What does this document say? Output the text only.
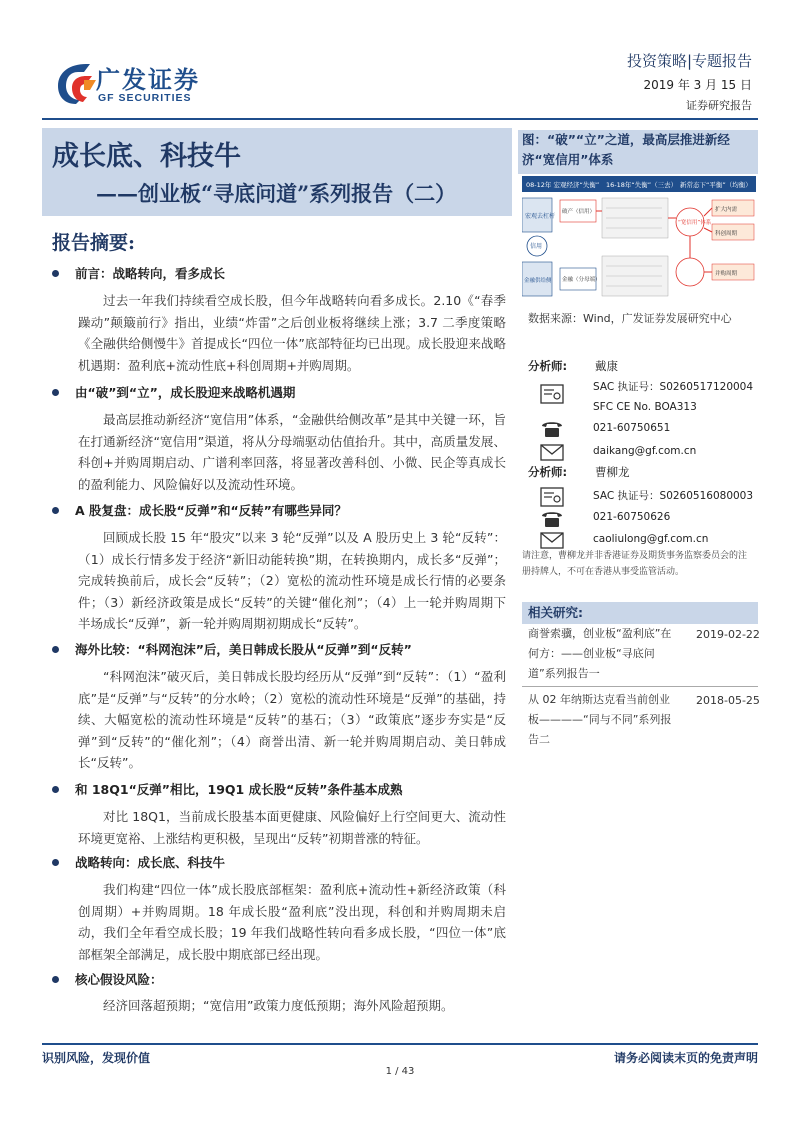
广发证券
GF SECURITIES
投资策略|专题报告
2019 年 3 月 15 日
证券研究报告
成长底、科技牛
——创业板“寻底问道”系列报告（二）
报告摘要:
前言：战略转向，看多成长
过去一年我们持续看空成长股，但今年战略转向看多成长。2.10《“春季躁动”颠簸前行》指出，业绩“炸雷”之后创业板将继续上涨；3.7 二季度策略《全融供给侧慢牛》首提成长“四位一体”底部特征均已出现。成长股迎来战略机遇期：盈利底+流动性底+科创周期+并购周期。
由“破”到“立”，成长股迎来战略机遇期
最高层推动新经济“宽信用”体系，“金融供给侧改革”是其中关键一环，旨在打通新经济“宽信用”渠道，将从分母端驱动估值抬升。其中，高质量发展、科创+并购周期启动、广谱利率回落，将显著改善科创、小微、民企等真成长的盈利能力、风险偏好以及流动性环境。
A 股复盘：成长股“反弹”和“反转”有哪些异同？
回顾成长股 15 年“股灾”以来 3 轮“反弹”以及 A 股历史上 3 轮“反转”：（1）成长行情多发于经济“新旧动能转换”期，在转换期内，成长多“反弹”；完成转换前后，成长会“反转”；（2）宽松的流动性环境是成长行情的必要条件；（3）新经济政策是成长“反转”的关键“催化剂”；（4）上一轮并购周期下半场成长“反弹”，新一轮并购周期初期成长“反转”。
海外比较：“科网泡沫”后，美日韩成长股从“反弹”到“反转”
“科网泡沫”破灭后，美日韩成长股均经历从“反弹”到“反转”：（1）“盈利底”是“反弹”与“反转”的分水岭；（2）宽松的流动性环境是“反弹”的基础，持续、大幅宽松的流动性环境是“反转”的基石；（3）“政策底”逐步夯实是“反弹”到“反转”的“催化剂”；（4）商誉出清、新一轮并购周期启动、美日韩成长“反转”。
和 18Q1“反弹”相比，19Q1 成长股“反转”条件基本成熟
对比 18Q1，当前成长股基本面更健康、风险偏好上行空间更大、流动性环境更宽裕、上涨结构更积极，呈现出“反转”初期普涨的特征。
战略转向：成长底、科技牛
我们构建“四位一体”成长股底部框架：盈利底+流动性+新经济政策（科创周期）+并购周期。18 年成长股“盈利底”没出现，科创和并购周期未启动，我们全年看空成长股；19 年我们战略性转向看多成长股，“四位一体”底部框架全部满足，成长股中期底部已经出现。
核心假设风险：
经济回落超预期；“宽信用”政策力度低预期；海外风险超预期。
图：“破”“立”之道，最高层推进新经济“宽信用”体系
08-12年 宏观经济“失衡” 16-18年“失衡”（三去） 新常态下“平衡”（均衡）
宏观去杠杆
信用
金融供给侧
破产（信用）
金融（分母端）
“宽信用”体系
扩大内需
科创周期
并购周期
数据来源：Wind，广发证券发展研究中心
分析师: 戴康
SAC 执证号：S0260517120004
SFC CE No. BOA313
021-60750651
daikang@gf.com.cn
分析师: 曹柳龙
SAC 执证号：S0260516080003
021-60750626
caoliulong@gf.com.cn
请注意，曹柳龙并非香港证券及期货事务监察委员会的注册持牌人，不可在香港从事受监管活动。
相关研究:
商誉索骥，创业板“盈利底”在何方：——创业板“寻底问道”系列报告一
2019-02-22
从 02 年纳斯达克看当前创业板————“同与不同”系列报告二
2018-05-25
识别风险，发现价值	请务必阅读末页的免责声明
1 / 43
